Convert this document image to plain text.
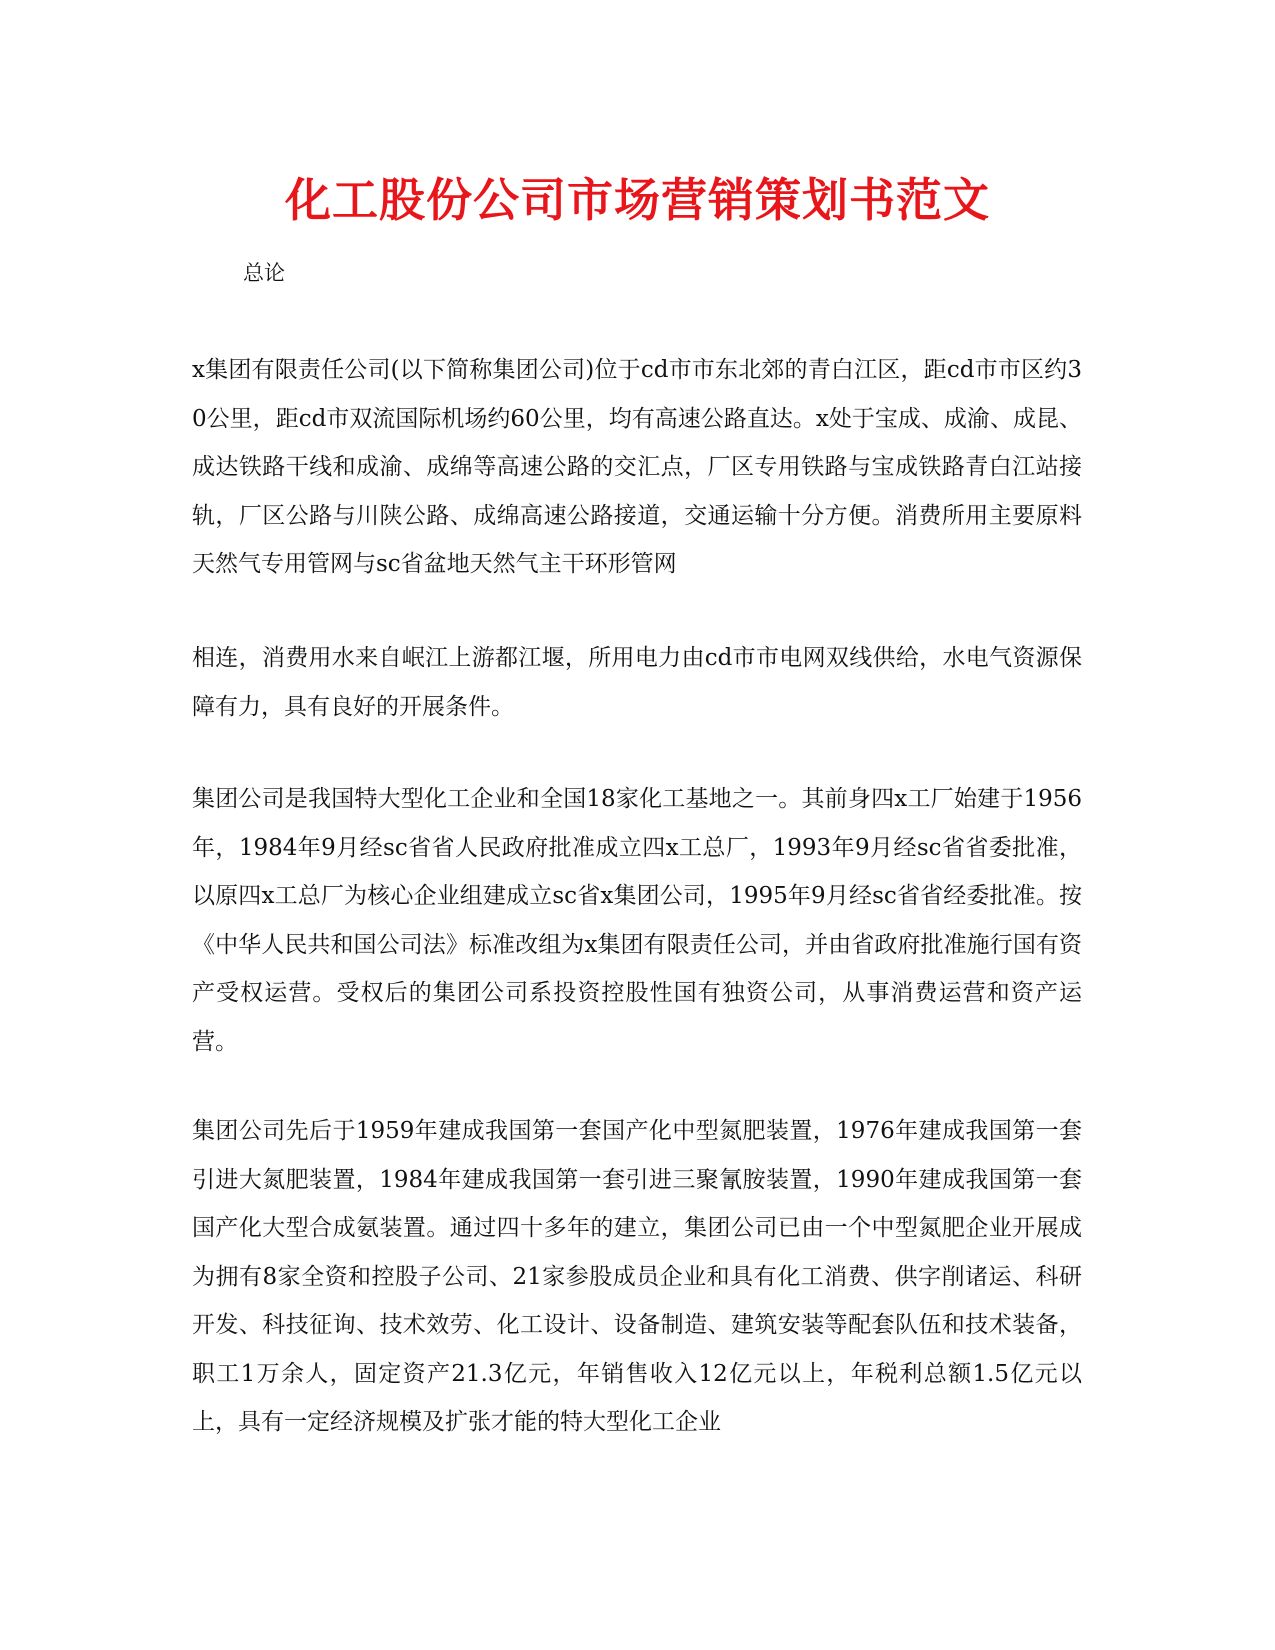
化工股份公司市场营销策划书范文

总论

x集团有限责任公司(以下简称集团公司)位于cd市市东北郊的青白江区，距cd市市区约30公里，距cd市双流国际机场约60公里，均有高速公路直达。x处于宝成、成渝、成昆、成达铁路干线和成渝、成绵等高速公路的交汇点，厂区专用铁路与宝成铁路青白江站接轨，厂区公路与川陕公路、成绵高速公路接道，交通运输十分方便。消费所用主要原料天然气专用管网与sc省盆地天然气主干环形管网

相连，消费用水来自岷江上游都江堰，所用电力由cd市市电网双线供给，水电气资源保障有力，具有良好的开展条件。

集团公司是我国特大型化工企业和全国18家化工基地之一。其前身四x工厂始建于1956年，1984年9月经sc省省人民政府批准成立四x工总厂，1993年9月经sc省省委批准，以原四x工总厂为核心企业组建成立sc省x集团公司，1995年9月经sc省省经委批准。按《中华人民共和国公司法》标准改组为x集团有限责任公司，并由省政府批准施行国有资产受权运营。受权后的集团公司系投资控股性国有独资公司，从事消费运营和资产运营。

集团公司先后于1959年建成我国第一套国产化中型氮肥装置，1976年建成我国第一套引进大氮肥装置，1984年建成我国第一套引进三聚氰胺装置，1990年建成我国第一套国产化大型合成氨装置。通过四十多年的建立，集团公司已由一个中型氮肥企业开展成为拥有8家全资和控股子公司、21家参股成员企业和具有化工消费、供字削诸运、科研开发、科技征询、技术效劳、化工设计、设备制造、建筑安装等配套队伍和技术装备，职工1万余人，固定资产21.3亿元，年销售收入12亿元以上，年税利总额1.5亿元以上，具有一定经济规模及扩张才能的特大型化工企业
